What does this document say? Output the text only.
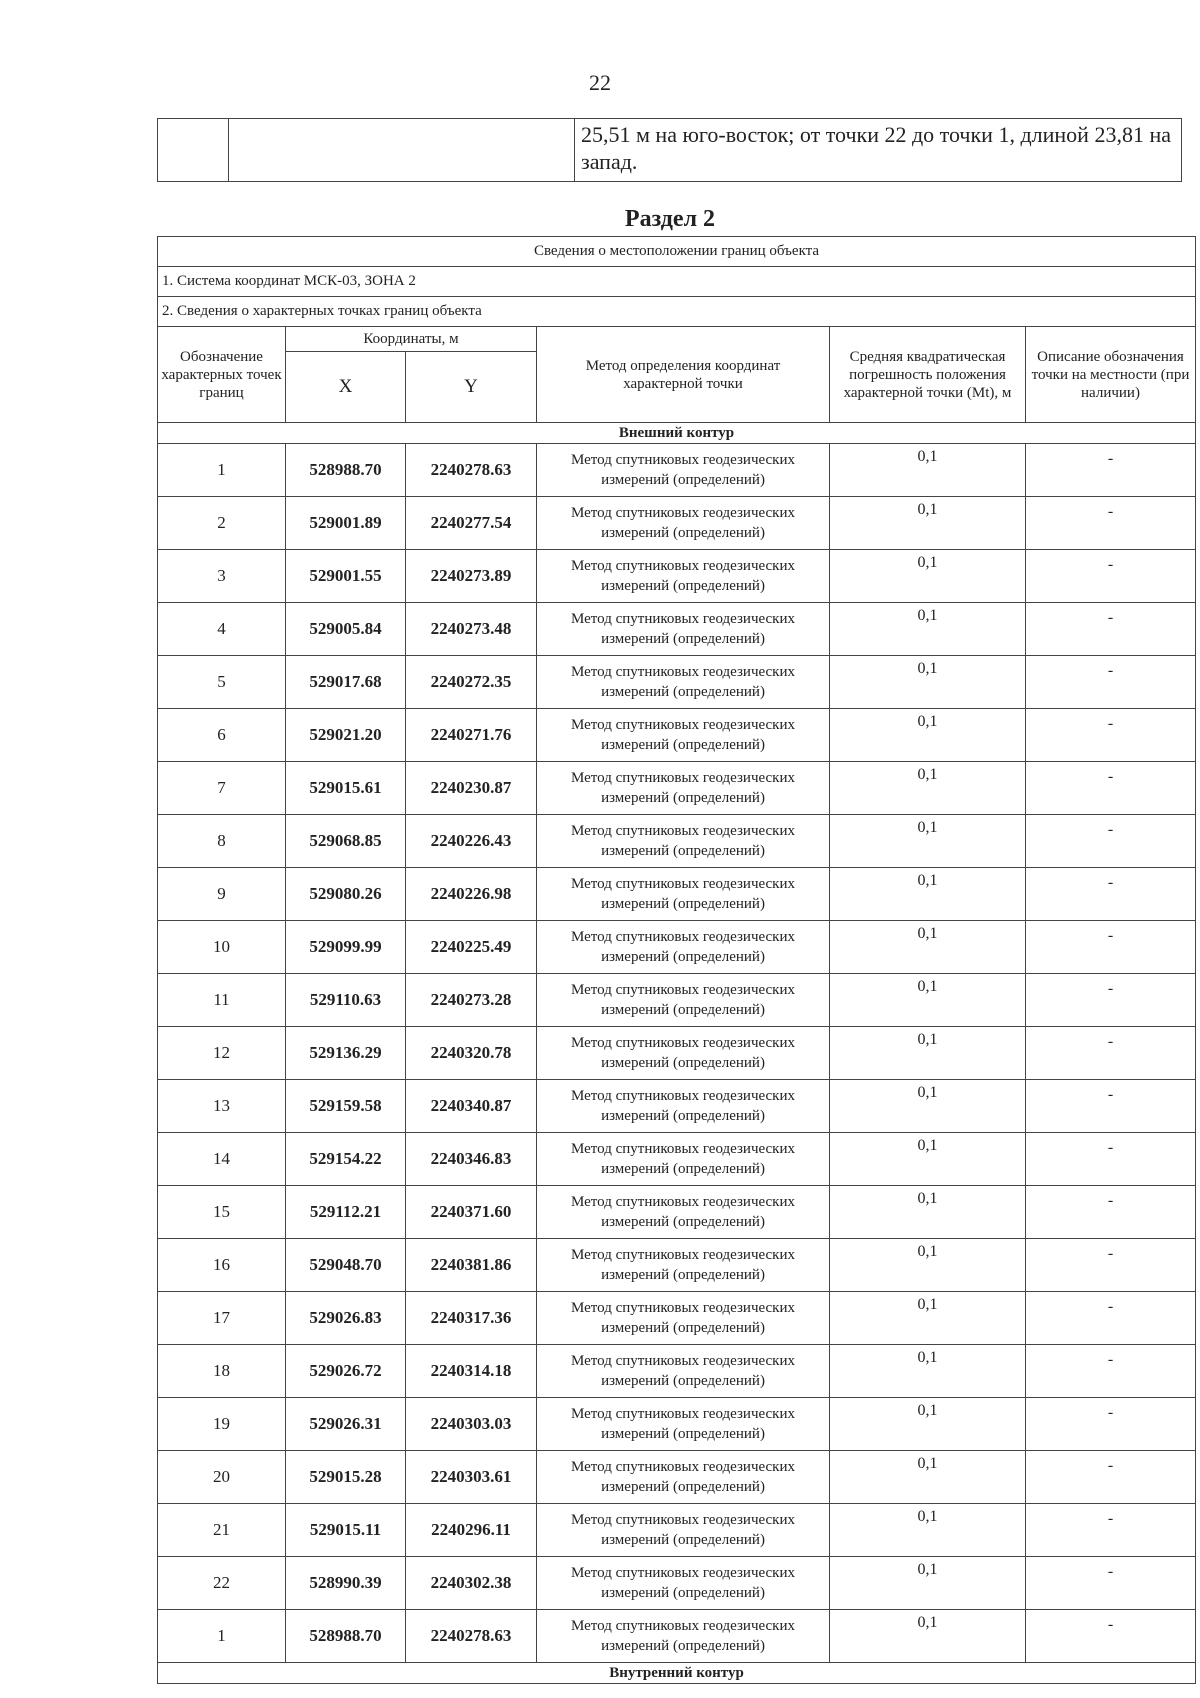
22
		25,51 м на юго-восток; от точки 22 до точки 1, длиной 23,81 на запад.
Раздел 2
Сведения о местоположении границ объекта					
1. Система координат МСК-03, ЗОНА 2					
2. Сведения о характерных точках границ объекта					
Обозначение характерных точек границ	Координаты, м		Метод определения координат характерной точки	Средняя квадратическая погрешность положения характерной точки (Mt), м	Описание обозначения точки на местности (при наличии)
	X	Y			
Внешний контур					
1	528988.70	2240278.63	Метод спутниковых геодезических измерений (определений)	0,1	-
2	529001.89	2240277.54	Метод спутниковых геодезических измерений (определений)	0,1	-
3	529001.55	2240273.89	Метод спутниковых геодезических измерений (определений)	0,1	-
4	529005.84	2240273.48	Метод спутниковых геодезических измерений (определений)	0,1	-
5	529017.68	2240272.35	Метод спутниковых геодезических измерений (определений)	0,1	-
6	529021.20	2240271.76	Метод спутниковых геодезических измерений (определений)	0,1	-
7	529015.61	2240230.87	Метод спутниковых геодезических измерений (определений)	0,1	-
8	529068.85	2240226.43	Метод спутниковых геодезических измерений (определений)	0,1	-
9	529080.26	2240226.98	Метод спутниковых геодезических измерений (определений)	0,1	-
10	529099.99	2240225.49	Метод спутниковых геодезических измерений (определений)	0,1	-
11	529110.63	2240273.28	Метод спутниковых геодезических измерений (определений)	0,1	-
12	529136.29	2240320.78	Метод спутниковых геодезических измерений (определений)	0,1	-
13	529159.58	2240340.87	Метод спутниковых геодезических измерений (определений)	0,1	-
14	529154.22	2240346.83	Метод спутниковых геодезических измерений (определений)	0,1	-
15	529112.21	2240371.60	Метод спутниковых геодезических измерений (определений)	0,1	-
16	529048.70	2240381.86	Метод спутниковых геодезических измерений (определений)	0,1	-
17	529026.83	2240317.36	Метод спутниковых геодезических измерений (определений)	0,1	-
18	529026.72	2240314.18	Метод спутниковых геодезических измерений (определений)	0,1	-
19	529026.31	2240303.03	Метод спутниковых геодезических измерений (определений)	0,1	-
20	529015.28	2240303.61	Метод спутниковых геодезических измерений (определений)	0,1	-
21	529015.11	2240296.11	Метод спутниковых геодезических измерений (определений)	0,1	-
22	528990.39	2240302.38	Метод спутниковых геодезических измерений (определений)	0,1	-
1	528988.70	2240278.63	Метод спутниковых геодезических измерений (определений)	0,1	-
Внутренний контур					
